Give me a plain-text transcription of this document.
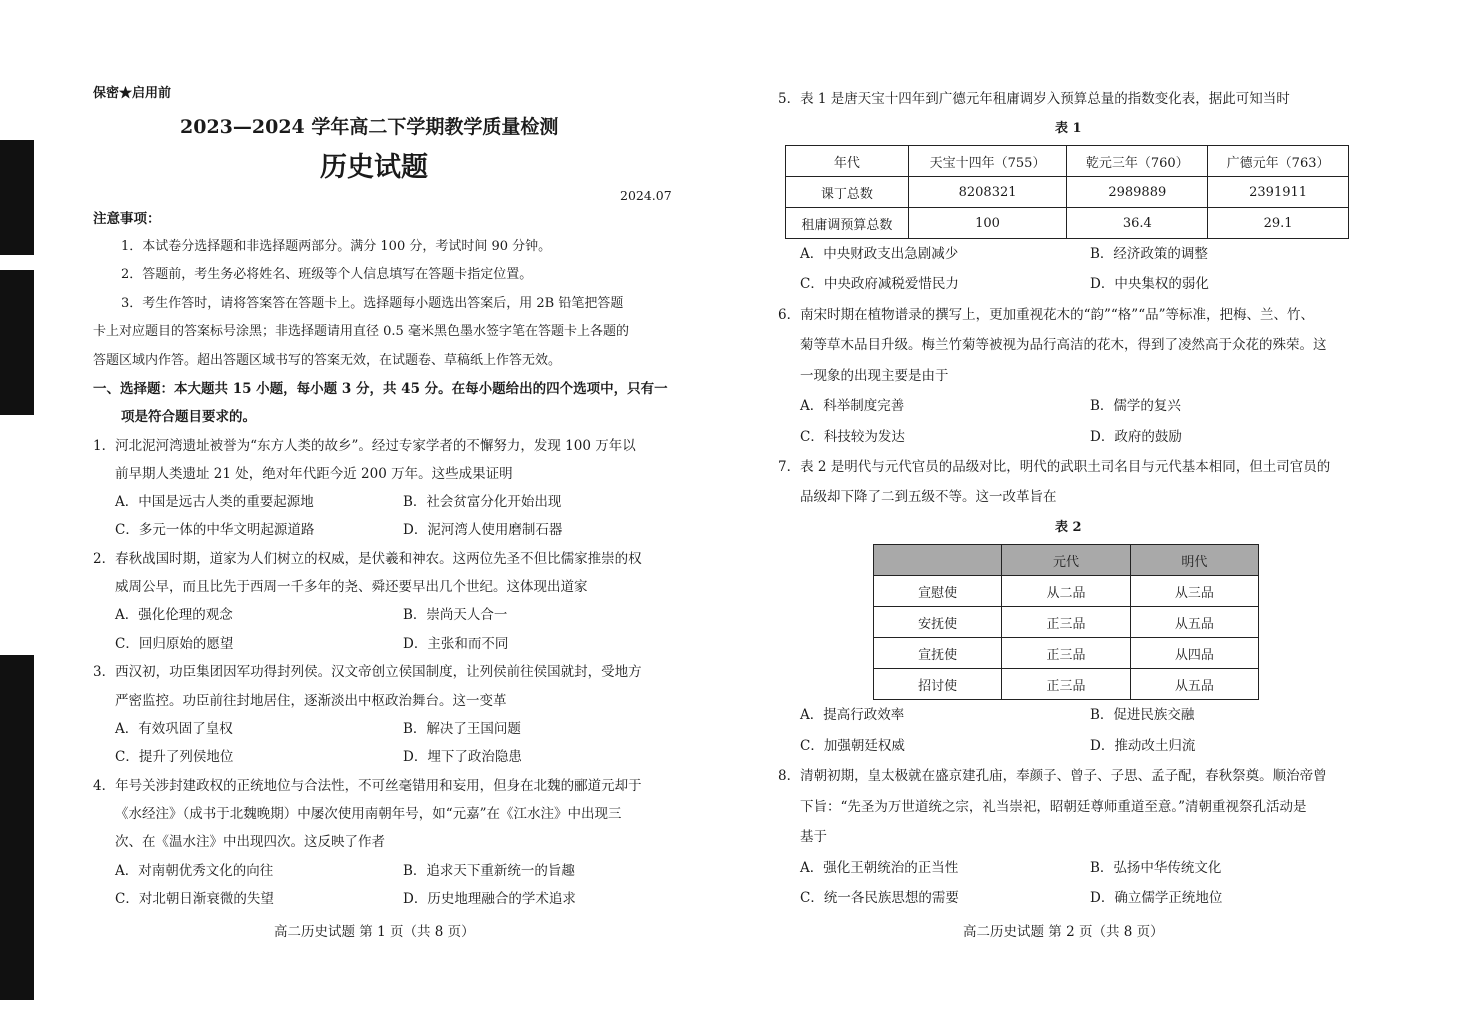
保密★启用前
2023—2024 学年高二下学期教学质量检测
历史试题
2024.07
注意事项：
1．本试卷分选择题和非选择题两部分。满分 100 分，考试时间 90 分钟。
2．答题前，考生务必将姓名、班级等个人信息填写在答题卡指定位置。
3．考生作答时，请将答案答在答题卡上。选择题每小题选出答案后，用 2B 铅笔把答题
卡上对应题目的答案标号涂黑；非选择题请用直径 0.5 毫米黑色墨水签字笔在答题卡上各题的
答题区域内作答。超出答题区域书写的答案无效，在试题卷、草稿纸上作答无效。
一、选择题：本大题共 15 小题，每小题 3 分，共 45 分。在每小题给出的四个选项中，只有一
项是符合题目要求的。
1．河北泥河湾遗址被誉为“东方人类的故乡”。经过专家学者的不懈努力，发现 100 万年以
前早期人类遗址 21 处，绝对年代距今近 200 万年。这些成果证明
A．中国是远古人类的重要起源地	B．社会贫富分化开始出现
C．多元一体的中华文明起源道路	D．泥河湾人使用磨制石器
2．春秋战国时期，道家为人们树立的权威，是伏羲和神农。这两位先圣不但比儒家推崇的权
威周公早，而且比先于西周一千多年的尧、舜还要早出几个世纪。这体现出道家
A．强化伦理的观念	B．崇尚天人合一
C．回归原始的愿望	D．主张和而不同
3．西汉初，功臣集团因军功得封列侯。汉文帝创立侯国制度，让列侯前往侯国就封，受地方
严密监控。功臣前往封地居住，逐渐淡出中枢政治舞台。这一变革
A．有效巩固了皇权	B．解决了王国问题
C．提升了列侯地位	D．埋下了政治隐患
4．年号关涉封建政权的正统地位与合法性，不可丝毫错用和妄用，但身在北魏的郦道元却于
《水经注》（成书于北魏晚期）中屡次使用南朝年号，如“元嘉”在《江水注》中出现三
次、在《温水注》中出现四次。这反映了作者
A．对南朝优秀文化的向往	B．追求天下重新统一的旨趣
C．对北朝日渐衰微的失望	D．历史地理融合的学术追求
高二历史试题 第 1 页（共 8 页）
5．表 1 是唐天宝十四年到广德元年租庸调岁入预算总量的指数变化表，据此可知当时
表 1
年代	天宝十四年（755）	乾元三年（760）	广德元年（763）
课丁总数	8208321	2989889	2391911
租庸调预算总数	100	36.4	29.1
A．中央财政支出急剧减少	B．经济政策的调整
C．中央政府减税爱惜民力	D．中央集权的弱化
6．南宋时期在植物谱录的撰写上，更加重视花木的“韵”“格”“品”等标准，把梅、兰、竹、
菊等草木品目升级。梅兰竹菊等被视为品行高洁的花木，得到了凌然高于众花的殊荣。这
一现象的出现主要是由于
A．科举制度完善	B．儒学的复兴
C．科技较为发达	D．政府的鼓励
7．表 2 是明代与元代官员的品级对比，明代的武职土司名目与元代基本相同，但土司官员的
品级却下降了二到五级不等。这一改革旨在
表 2
	元代	明代
宣慰使	从二品	从三品
安抚使	正三品	从五品
宣抚使	正三品	从四品
招讨使	正三品	从五品
A．提高行政效率	B．促进民族交融
C．加强朝廷权威	D．推动改土归流
8．清朝初期，皇太极就在盛京建孔庙，奉颜子、曾子、子思、孟子配，春秋祭奠。顺治帝曾
下旨：“先圣为万世道统之宗，礼当崇祀，昭朝廷尊师重道至意。”清朝重视祭孔活动是
基于
A．强化王朝统治的正当性	B．弘扬中华传统文化
C．统一各民族思想的需要	D．确立儒学正统地位
高二历史试题 第 2 页（共 8 页）
